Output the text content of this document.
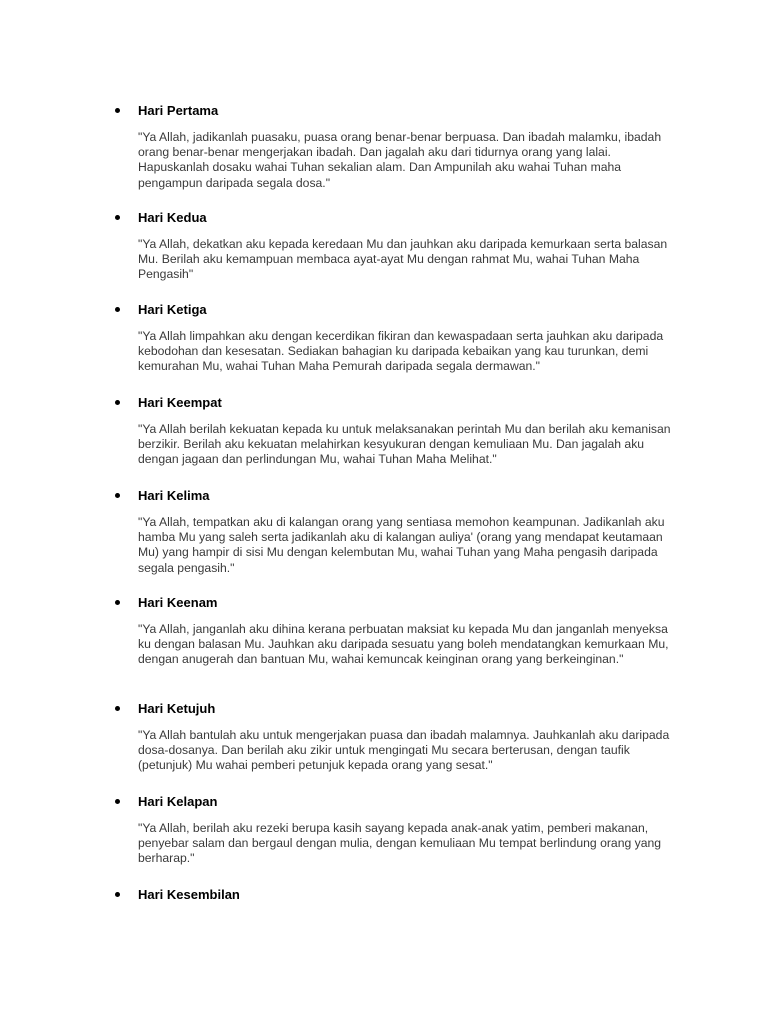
Hari Pertama

"Ya Allah, jadikanlah puasaku, puasa orang benar-benar berpuasa. Dan ibadah malamku, ibadah orang benar-benar mengerjakan ibadah. Dan jagalah aku dari tidurnya orang yang lalai. Hapuskanlah dosaku wahai Tuhan sekalian alam. Dan Ampunilah aku wahai Tuhan maha pengampun daripada segala dosa."

Hari Kedua

"Ya Allah, dekatkan aku kepada keredaan Mu dan jauhkan aku daripada kemurkaan serta balasan Mu. Berilah aku kemampuan membaca ayat-ayat Mu dengan rahmat Mu, wahai Tuhan Maha Pengasih"

Hari Ketiga

"Ya Allah limpahkan aku dengan kecerdikan fikiran dan kewaspadaan serta jauhkan aku daripada kebodohan dan kesesatan. Sediakan bahagian ku daripada kebaikan yang kau turunkan, demi kemurahan Mu, wahai Tuhan Maha Pemurah daripada segala dermawan."

Hari Keempat

"Ya Allah berilah kekuatan kepada ku untuk melaksanakan perintah Mu dan berilah aku kemanisan berzikir. Berilah aku kekuatan melahirkan kesyukuran dengan kemuliaan Mu. Dan jagalah aku dengan jagaan dan perlindungan Mu, wahai Tuhan Maha Melihat."

Hari Kelima

"Ya Allah, tempatkan aku di kalangan orang yang sentiasa memohon keampunan. Jadikanlah aku hamba Mu yang saleh serta jadikanlah aku di kalangan auliya' (orang yang mendapat keutamaan Mu) yang hampir di sisi Mu dengan kelembutan Mu, wahai Tuhan yang Maha pengasih daripada segala pengasih."

Hari Keenam

"Ya Allah, janganlah aku dihina kerana perbuatan maksiat ku kepada Mu dan janganlah menyeksa ku dengan balasan Mu. Jauhkan aku daripada sesuatu yang boleh mendatangkan kemurkaan Mu, dengan anugerah dan bantuan Mu, wahai kemuncak keinginan orang yang berkeinginan."

Hari Ketujuh

"Ya Allah bantulah aku untuk mengerjakan puasa dan ibadah malamnya. Jauhkanlah aku daripada dosa-dosanya. Dan berilah aku zikir untuk mengingati Mu secara berterusan, dengan taufik (petunjuk) Mu wahai pemberi petunjuk kepada orang yang sesat."

Hari Kelapan

"Ya Allah, berilah aku rezeki berupa kasih sayang kepada anak-anak yatim, pemberi makanan, penyebar salam dan bergaul dengan mulia, dengan kemuliaan Mu tempat berlindung orang yang berharap."

Hari Kesembilan
